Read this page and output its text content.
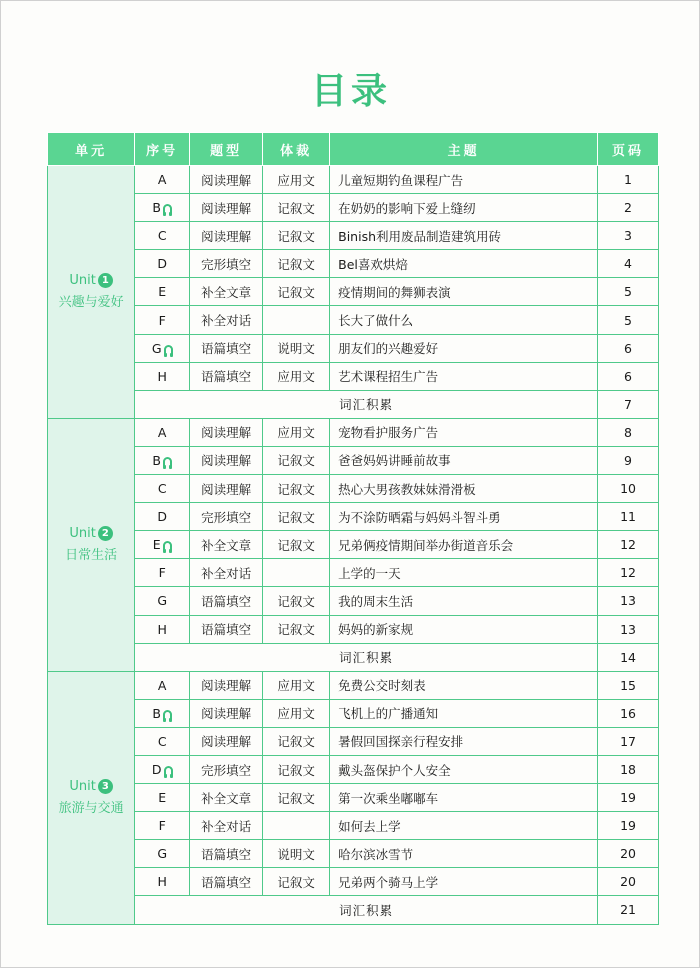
目录
单元	序号	题型	体裁	主题	页码

Unit 1
兴趣与爱好	A	阅读理解	应用文	儿童短期钓鱼课程广告	1
	B	阅读理解	记叙文	在奶奶的影响下爱上缝纫	2
	C	阅读理解	记叙文	Binish利用废品制造建筑用砖	3
	D	完形填空	记叙文	Bel喜欢烘焙	4
	E	补全文章	记叙文	疫情期间的舞狮表演	5
	F	补全对话		长大了做什么	5
	G	语篇填空	说明文	朋友们的兴趣爱好	6
	H	语篇填空	应用文	艺术课程招生广告	6
	词汇积累				7

Unit 2
日常生活	A	阅读理解	应用文	宠物看护服务广告	8
	B	阅读理解	记叙文	爸爸妈妈讲睡前故事	9
	C	阅读理解	记叙文	热心大男孩教妹妹滑滑板	10
	D	完形填空	记叙文	为不涂防晒霜与妈妈斗智斗勇	11
	E	补全文章	记叙文	兄弟俩疫情期间举办街道音乐会	12
	F	补全对话		上学的一天	12
	G	语篇填空	记叙文	我的周末生活	13
	H	语篇填空	记叙文	妈妈的新家规	13
	词汇积累				14

Unit 3
旅游与交通	A	阅读理解	应用文	免费公交时刻表	15
	B	阅读理解	应用文	飞机上的广播通知	16
	C	阅读理解	记叙文	暑假回国探亲行程安排	17
	D	完形填空	记叙文	戴头盔保护个人安全	18
	E	补全文章	记叙文	第一次乘坐嘟嘟车	19
	F	补全对话		如何去上学	19
	G	语篇填空	说明文	哈尔滨冰雪节	20
	H	语篇填空	记叙文	兄弟两个骑马上学	20
	词汇积累				21
